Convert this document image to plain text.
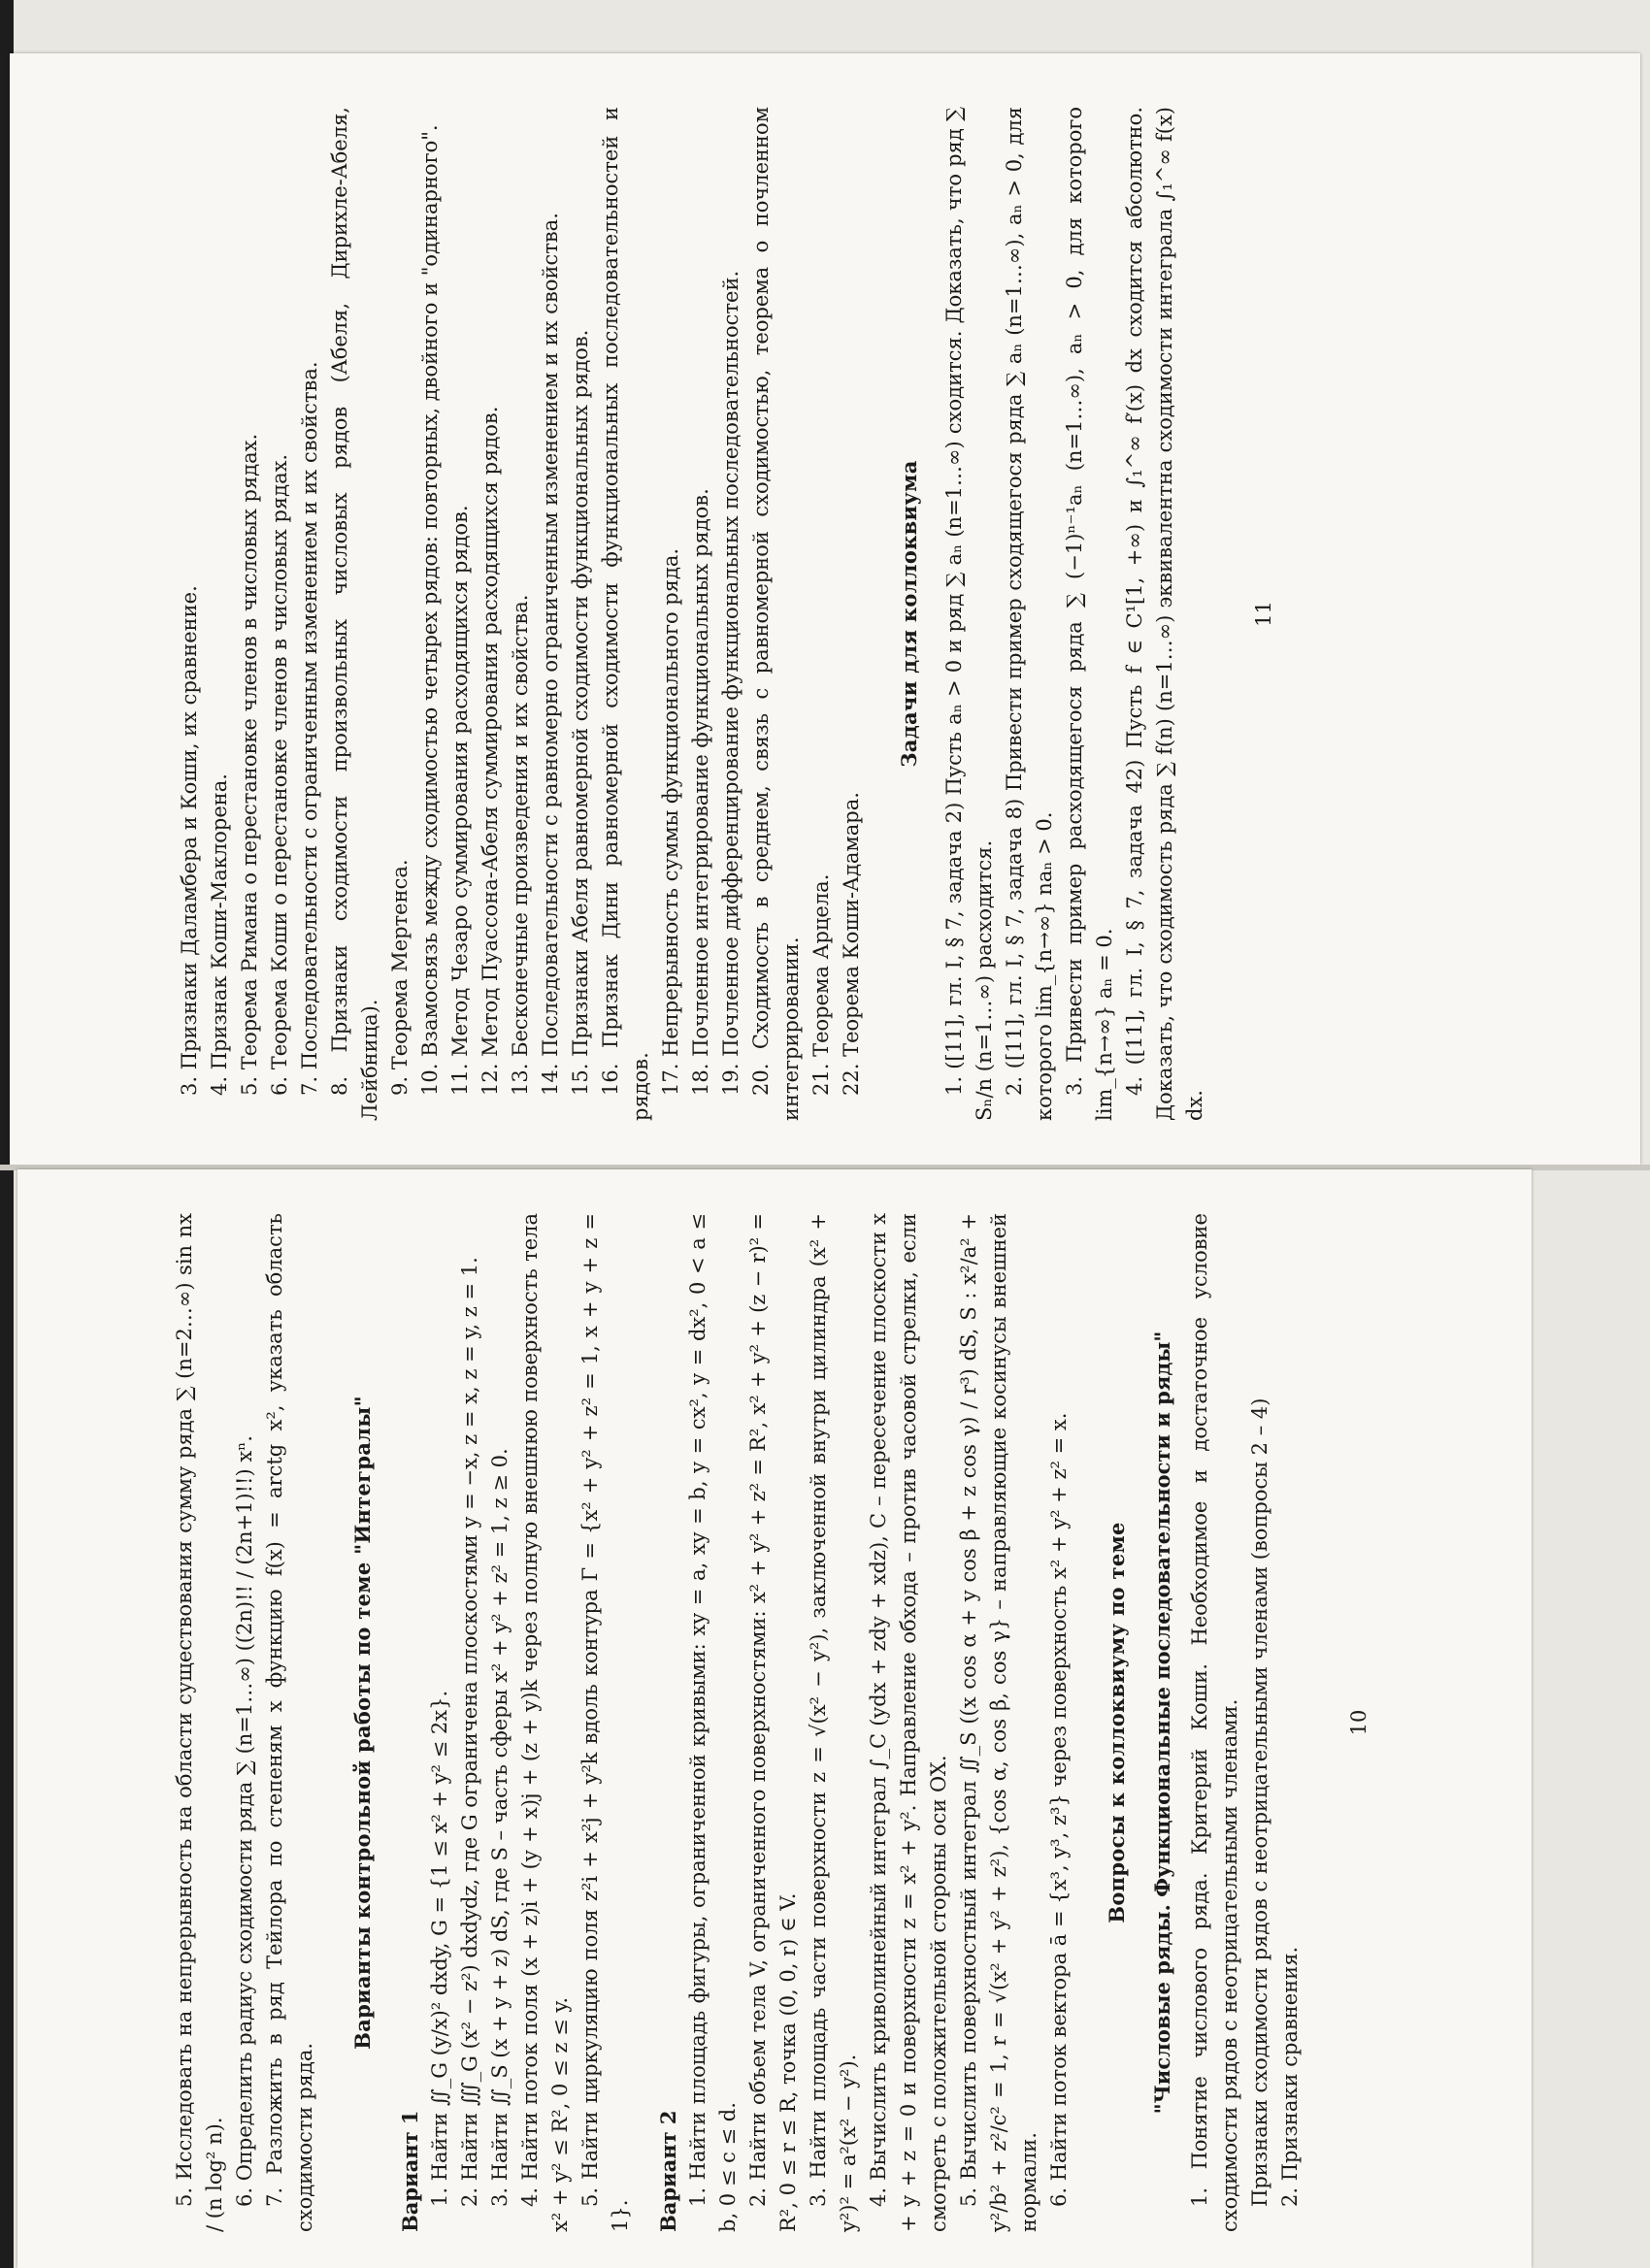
3. Признаки Даламбера и Коши, их сравнение. 4. Признак Коши-Маклорена. 5. Теорема Римана о перестановке членов в числовых рядах. 6. Теорема Коши о перестановке членов в числовых рядах. 7. Последовательности с ограниченным изменением и их свойства. 8. Признаки сходимости произвольных числовых рядов (Абеля, Дирихле-Абеля, Лейбница). 9. Теорема Мертенса. 10. Взамосвязь между сходимостью четырех рядов: повторных, двойного и "одинарного". 11. Метод Чезаро суммирования расходящихся рядов. 12. Метод Пуассона-Абеля суммирования расходящихся рядов. 13. Бесконечные произведения и их свойства. 14. Последовательности с равномерно ограниченным изменением и их свойства. 15. Признаки Абеля равномерной сходимости функциональных рядов. 16. Признак Дини равномерной сходимости функциональных последовательностей и рядов. 17. Непрерывность суммы функционального ряда. 18. Почленное интегрирование функциональных рядов. 19. Почленное дифференцирование функциональных последовательностей. 20. Сходимость в среднем, связь с равномерной сходимостью, теорема о почленном интегрировании. 21. Теорема Арцела. 22. Теорема Коши-Адамара.

Задачи для коллоквиума 1. ([11], гл. I, § 7, задача 2) Пусть aₙ > 0 и ряд ∑ aₙ (n=1…∞) сходится. Доказать, что ряд ∑ Sₙ/n (n=1…∞) расходится. 2. ([11], гл. I, § 7, задача 8) Привести пример сходящегося ряда ∑ aₙ (n=1…∞), aₙ > 0, для которого lim_{n→∞} naₙ > 0. 3. Привести пример расходящегося ряда ∑ (−1)ⁿ⁻¹aₙ (n=1…∞), aₙ > 0, для которого lim_{n→∞} aₙ = 0. 4. ([11], гл. I, § 7, задача 42) Пусть f ∈ C¹[1, +∞) и ∫₁^∞ f′(x) dx сходится абсолютно. Доказать, что сходимость ряда ∑ f(n) (n=1…∞) эквивалентна сходимости интеграла ∫₁^∞ f(x) dx.

11

5. Исследовать на непрерывность на области существования сумму ряда ∑ (n=2…∞) sin nx / (n log² n). 6. Определить радиус сходимости ряда ∑ (n=1…∞) ((2n)!! / (2n+1)!!) xⁿ. 7. Разложить в ряд Тейлора по степеням x функцию f(x) = arctg x², указать область сходимости ряда.

Варианты контрольной работы по теме "Интегралы"

Вариант 1 1. Найти ∬_G (y/x)² dxdy, G = {1 ≤ x² + y² ≤ 2x}. 2. Найти ∭_G (x² − z²) dxdydz, где G ограничена плоскостями y = −x, z = x, z = y, z = 1. 3. Найти ∬_S (x + y + z) dS, где S – часть сферы x² + y² + z² = 1, z ≥ 0. 4. Найти поток поля (x + z)i + (y + x)j + (z + y)k через полную внешнюю поверхность тела x² + y² ≤ R², 0 ≤ z ≤ y. 5. Найти циркуляцию поля z²i + x²j + y²k вдоль контура Γ = {x² + y² + z² = 1, x + y + z = 1}. Вариант 2 1. Найти площадь фигуры, ограниченной кривыми: xy = a, xy = b, y = cx², y = dx², 0 < a ≤ b, 0 ≤ c ≤ d. 2. Найти объем тела V, ограниченного поверхностями: x² + y² + z² = R², x² + y² + (z − r)² = R², 0 ≤ r ≤ R, точка (0, 0, r) ∈ V. 3. Найти площадь части поверхности z = √(x² − y²), заключенной внутри цилиндра (x² + y²)² = a²(x² − y²). 4. Вычислить криволинейный интеграл ∫_C (ydx + zdy + xdz), C – пересечение плоскости x + y + z = 0 и поверхности z = x² + y². Направление обхода – против часовой стрелки, если смотреть с положительной стороны оси OX. 5. Вычислить поверхностный интеграл ∬_S ((x cos α + y cos β + z cos γ) / r³) dS, S : x²/a² + y²/b² + z²/c² = 1, r = √(x² + y² + z²), {cos α, cos β, cos γ} – направляющие косинусы внешней нормали. 6. Найти поток вектора ā = {x³, y³, z³} через поверхность x² + y² + z² = x. Вопросы к коллоквиуму по теме "Числовые ряды. Функциональные последовательности и ряды" 1. Понятие числового ряда. Критерий Коши. Необходимое и достаточное условие сходимости рядов с неотрицательными членами. Признаки сходимости рядов с неотрицательными членами (вопросы 2 – 4) 2. Признаки сравнения.

10
